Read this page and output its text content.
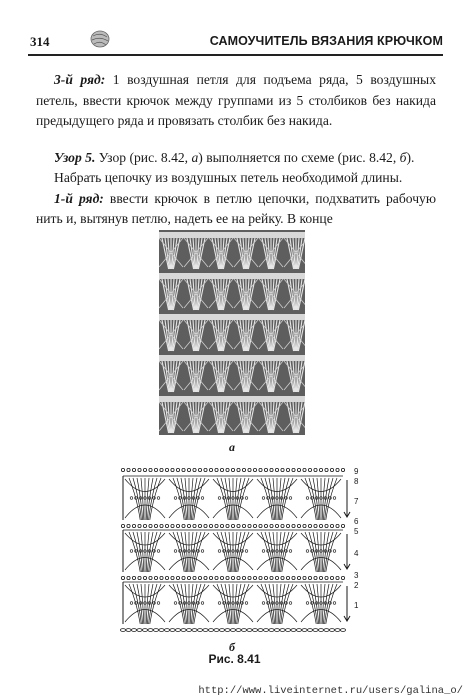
314	САМОУЧИТЕЛЬ ВЯЗАНИЯ КРЮЧКОМ

3-й ряд: 1 воздушная петля для подъема ряда, 5 воздушных петель, ввести крючок между группами из 5 столбиков без накида предыдущего ряда и провязать столбик без накида.

Узор 5. Узор (рис. 8.42, а) выполняется по схеме (рис. 8.42, б).

Набрать цепочку из воздушных петель необходимой длины.

1-й ряд: ввести крючок в петлю цепочки, подхватить рабочую нить и, вытянув петлю, надеть ее на рейку. В конце

а
9
8
7
6
5
4
3
2
1
б
Рис. 8.41
http://www.liveinternet.ru/users/galina_o/
